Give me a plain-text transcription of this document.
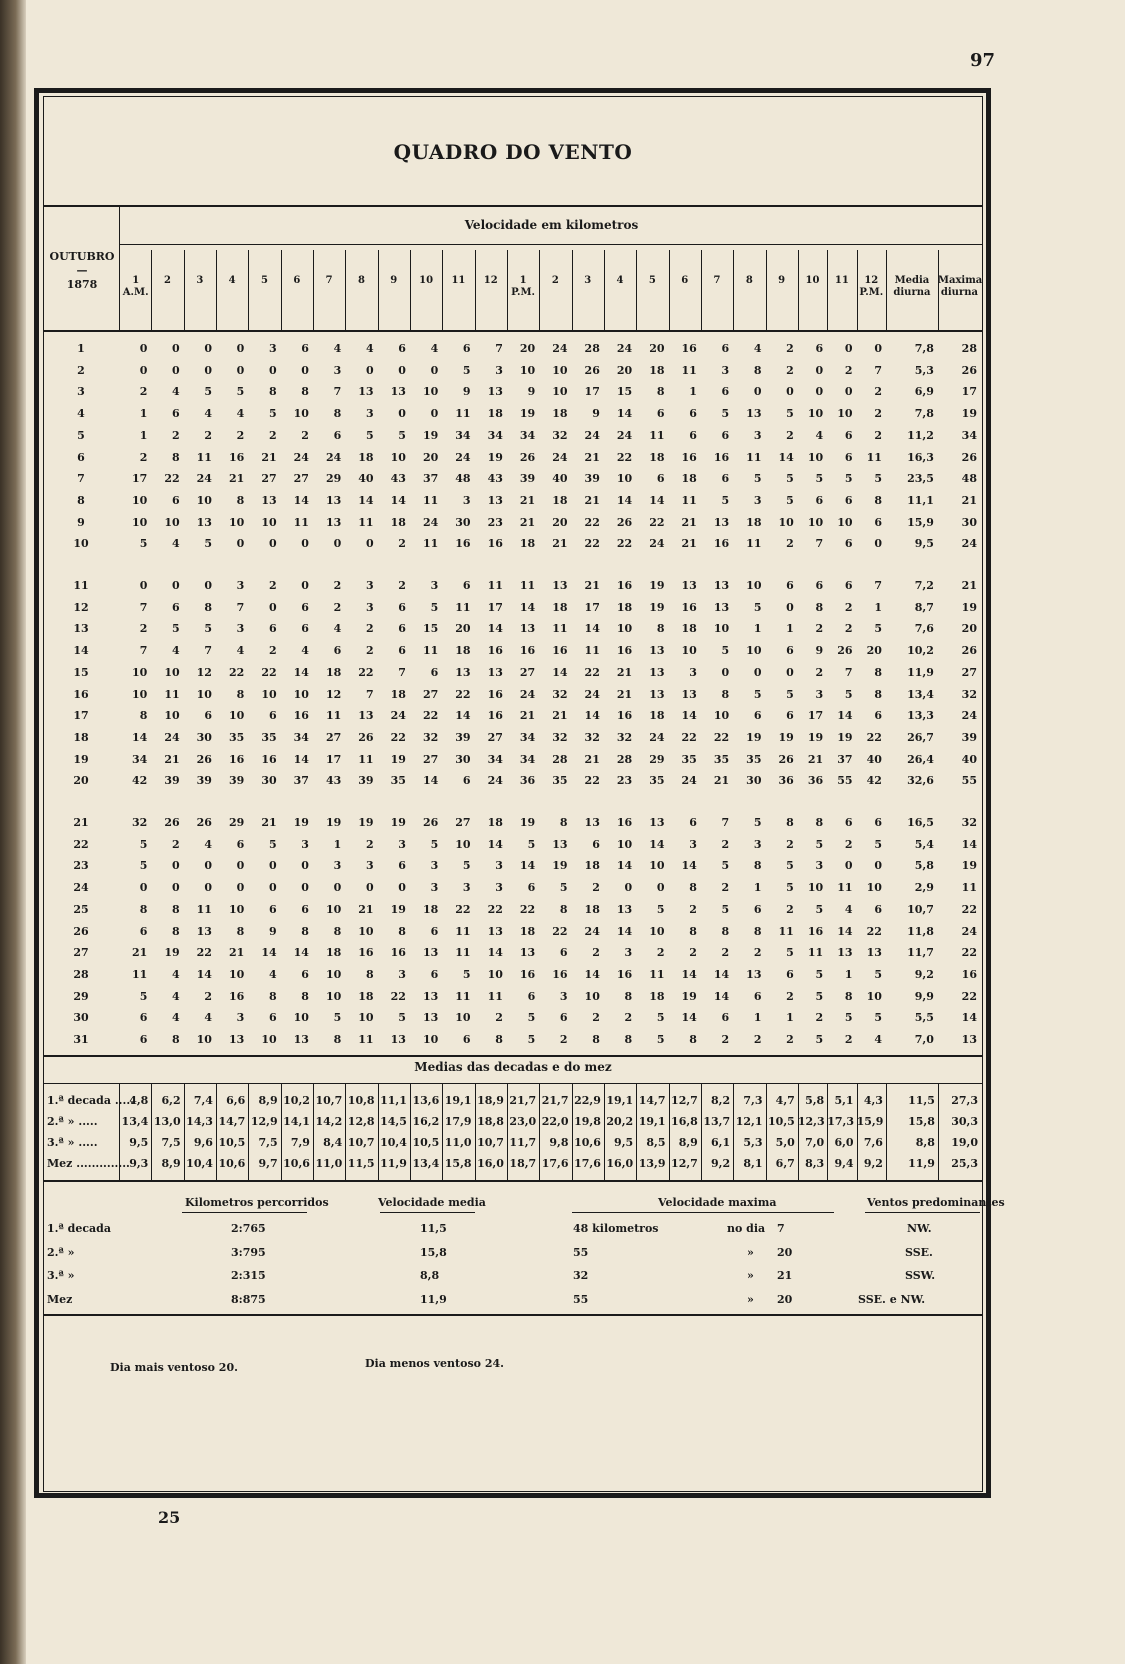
97
QUADRO DO VENTO
Velocidade em kilometros
OUTUBRO
—
1878	1 A.M.
2	3	4	5	6	7	8	9	10	11	12	1 P.M.
2	3	4	5	6	7	8	9	10	11	12 P.M.
Media diurna
Maxima diurna
1	0	0	0	0	3	6	4	4	6	4	6	7	20	24	28	24	20	16	6	4	2	6	0	0	7,8	28
2	0	0	0	0	0	0	3	0	0	0	5	3	10	10	26	20	18	11	3	8	2	0	2	7	5,3	26
3	2	4	5	5	8	8	7	13	13	10	9	13	9	10	17	15	8	1	6	0	0	0	0	2	6,9	17
4	1	6	4	4	5	10	8	3	0	0	11	18	19	18	9	14	6	6	5	13	5	10	10	2	7,8	19
5	1	2	2	2	2	2	6	5	5	19	34	34	34	32	24	24	11	6	6	3	2	4	6	2	11,2	34
6	2	8	11	16	21	24	24	18	10	20	24	19	26	24	21	22	18	16	16	11	14	10	6	11	16,3	26
7	17	22	24	21	27	27	29	40	43	37	48	43	39	40	39	10	6	18	6	5	5	5	5	5	23,5	48
8	10	6	10	8	13	14	13	14	14	11	3	13	21	18	21	14	14	11	5	3	5	6	6	8	11,1	21
9	10	10	13	10	10	11	13	11	18	24	30	23	21	20	22	26	22	21	13	18	10	10	10	6	15,9	30
10	5	4	5	0	0	0	0	0	2	11	16	16	18	21	22	22	24	21	16	11	2	7	6	0	9,5	24
11	0	0	0	3	2	0	2	3	2	3	6	11	11	13	21	16	19	13	13	10	6	6	6	7	7,2	21
12	7	6	8	7	0	6	2	3	6	5	11	17	14	18	17	18	19	16	13	5	0	8	2	1	8,7	19
13	2	5	5	3	6	6	4	2	6	15	20	14	13	11	14	10	8	18	10	1	1	2	2	5	7,6	20
14	7	4	7	4	2	4	6	2	6	11	18	16	16	16	11	16	13	10	5	10	6	9	26	20	10,2	26
15	10	10	12	22	22	14	18	22	7	6	13	13	27	14	22	21	13	3	0	0	0	2	7	8	11,9	27
16	10	11	10	8	10	10	12	7	18	27	22	16	24	32	24	21	13	13	8	5	5	3	5	8	13,4	32
17	8	10	6	10	6	16	11	13	24	22	14	16	21	21	14	16	18	14	10	6	6	17	14	6	13,3	24
18	14	24	30	35	35	34	27	26	22	32	39	27	34	32	32	32	24	22	22	19	19	19	19	22	26,7	39
19	34	21	26	16	16	14	17	11	19	27	30	34	34	28	21	28	29	35	35	35	26	21	37	40	26,4	40
20	42	39	39	39	30	37	43	39	35	14	6	24	36	35	22	23	35	24	21	30	36	36	55	42	32,6	55
21	32	26	26	29	21	19	19	19	19	26	27	18	19	8	13	16	13	6	7	5	8	8	6	6	16,5	32
22	5	2	4	6	5	3	1	2	3	5	10	14	5	13	6	10	14	3	2	3	2	5	2	5	5,4	14
23	5	0	0	0	0	0	3	3	6	3	5	3	14	19	18	14	10	14	5	8	5	3	0	0	5,8	19
24	0	0	0	0	0	0	0	0	0	3	3	3	6	5	2	0	0	8	2	1	5	10	11	10	2,9	11
25	8	8	11	10	6	6	10	21	19	18	22	22	22	8	18	13	5	2	5	6	2	5	4	6	10,7	22
26	6	8	13	8	9	8	8	10	8	6	11	13	18	22	24	14	10	8	8	8	11	16	14	22	11,8	24
27	21	19	22	21	14	14	18	16	16	13	11	14	13	6	2	3	2	2	2	2	5	11	13	13	11,7	22
28	11	4	14	10	4	6	10	8	3	6	5	10	16	16	14	16	11	14	14	13	6	5	1	5	9,2	16
29	5	4	2	16	8	8	10	18	22	13	11	11	6	3	10	8	18	19	14	6	2	5	8	10	9,9	22
30	6	4	4	3	6	10	5	10	5	13	10	2	5	6	2	2	5	14	6	1	1	2	5	5	5,5	14
31	6	8	10	13	10	13	8	11	13	10	6	8	5	2	8	8	5	8	2	2	2	5	2	4	7,0	13
Medias das decadas e do mez
1.ª decada .....
4,8	6,2	7,4	6,6	8,9 10,2 10,7 10,8 11,1 13,6 19,1 18,9 21,7 21,7 22,9 19,1 14,7 12,7	8,2	7,3	4,7 5,8 5,1 4,3	11,5	27,3
2.ª » ..... 13,4 13,0 14,3 14,7 12,9 14,1 14,2 12,8 14,5 16,2 17,9 18,8 23,0 22,0 19,8 20,2 19,1 16,8 13,7 12,1 10,5 12,3 17,3 15,9	15,8	30,3
3.ª » .....	9,5	7,5	9,6 10,5	7,5	7,9	8,4 10,7 10,4 10,5 11,0 10,7 11,7	9,8 10,6	9,5	8,5	8,9	6,1	5,3	5,0 7,0 6,0 7,6	8,8	19,0
Mez .............. 9,3	8,9 10,4 10,6	9,7 10,6 11,0 11,5 11,9 13,4 15,8 16,0 18,7 17,6 17,6 16,0 13,9 12,7	9,2	8,1	6,7 8,3 9,4 9,2	11,9	25,3
Kilometros percorridos	Velocidade media	Velocidade maxima	Ventos predominantes
1.ª decada	2:765	11,5	48 kilometros	no dia 7	NW.
2.ª »	3:795	15,8	55	» 20	SSE.
3.ª »	2:315	8,8	32	» 21	SSW.
Mez	8:875	11,9	55	» 20	SSE. e NW.
Dia mais ventoso 20.	Dia menos ventoso 24.
25
